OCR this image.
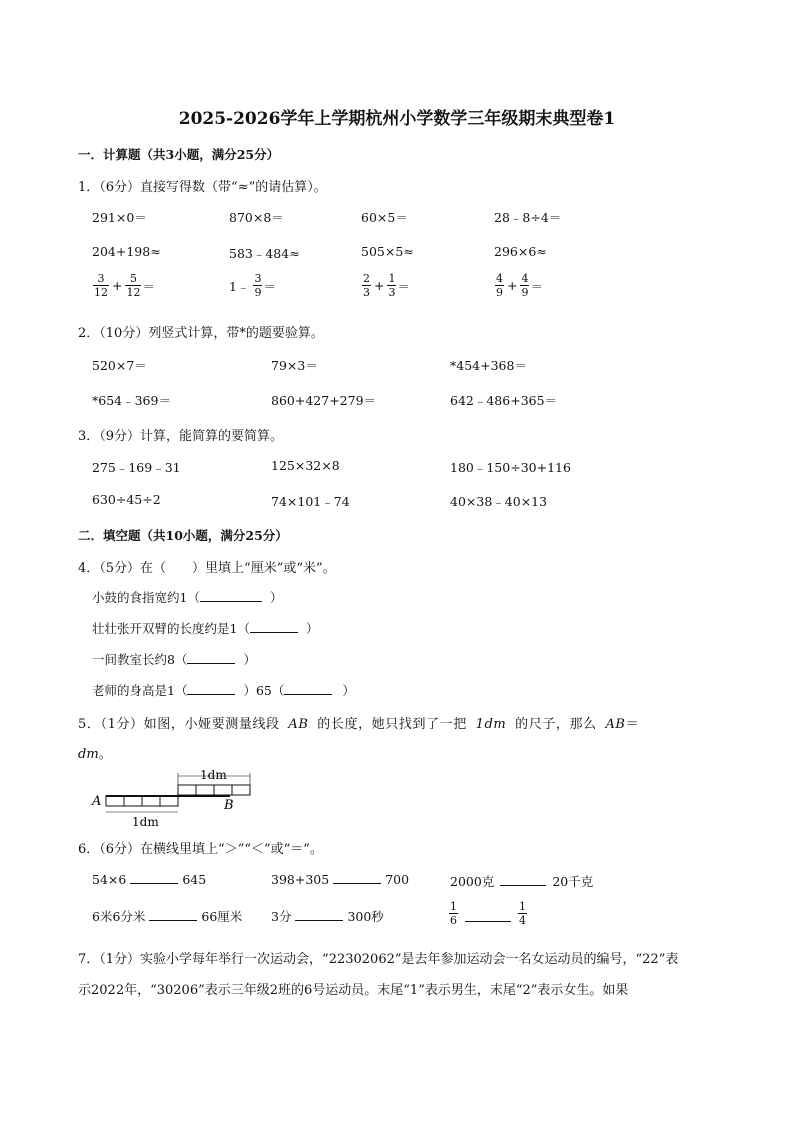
2025-2026学年上学期杭州小学数学三年级期末典型卷1
一．计算题（共3小题，满分25分）
1．（6分）直接写得数（带“≈”的请估算）。
291×0＝	870×8＝	60×5＝	28﹣8÷4＝
204+198≈	583﹣484≈	505×5≈	296×6≈
$\frac{3}{12} + \frac{5}{12}$ ＝	1﹣ $\frac{3}{9}$ ＝	$\frac{2}{3} + \frac{1}{3}$ ＝	$\frac{4}{9} + \frac{4}{9}$ ＝
2．（10分）列竖式计算，带*的题要验算。
520×7＝	79×3＝	*454+368＝
*654﹣369＝	860+427+279＝	642﹣486+365＝
3．（9分）计算，能简算的要简算。
275﹣169﹣31	125×32×8	180﹣150÷30+116
630÷45÷2	74×101﹣74	40×38﹣40×13
二．填空题（共10小题，满分25分）
4．（5分）在（　　）里填上“厘米”或“米”。
小鼓的食指宽约1（	）
壮壮张开双臂的长度约是1（	）
一间教室长约8（	）
老师的身高是1（	）65（	）
5．（1分）如图，小娅要测量线段 AB 的长度，她只找到了一把 1dm 的尺子，那么 AB＝
dm。
1dm
1dm
A	B
6．（6分）在横线里填上“＞”“＜”或“＝”。
54×6	645	398+305	700	2000克	20千克
6米6分米	66厘米 3分	300秒	$\frac{1}{6}$	$\frac{1}{4}$
7．（1分）实验小学每年举行一次运动会，“22302062”是去年参加运动会一名女运动员的编号，“22”表
示2022年，“30206”表示三年级2班的6号运动员。末尾“1”表示男生，末尾“2”表示女生。如果
